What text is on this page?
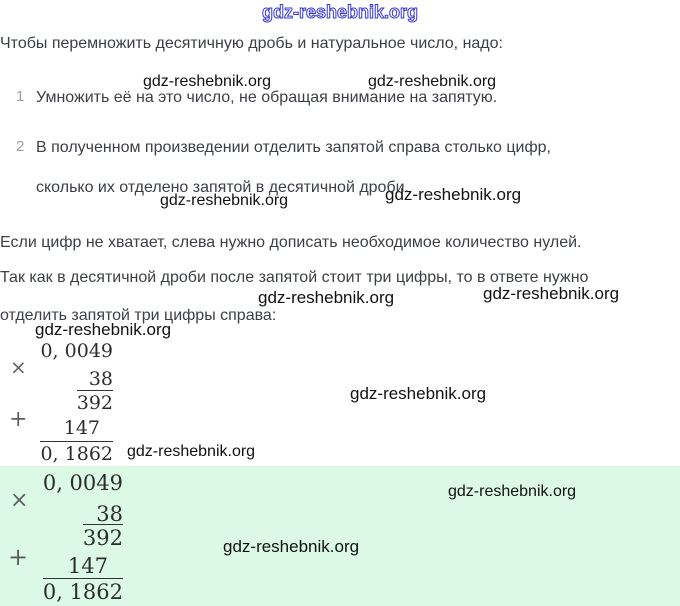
gdz-reshebnik.org
gdz-reshebnik.org	gdz-reshebnik.org
gdz-reshebnik.org	gdz-reshebnik.org
gdz-reshebnik.org	gdz-reshebnik.org
gdz-reshebnik.org
gdz-reshebnik.org
gdz-reshebnik.org
gdz-reshebnik.org
gdz-reshebnik.org
Чтобы перемножить десятичную дробь и натуральное число, надо:
1 Умножить её на это число, не обращая внимание на запятую.
2 В полученном произведении отделить запятой справа столько цифр,
сколько их отделено запятой в десятичной дроби.
Если цифр не хватает, слева нужно дописать необходимое количество нулей.
Так как в десятичной дроби после запятой стоит три цифры, то в ответе нужно
отделить запятой три цифры справа:
×
0, 0049
38
392
+ 147
0, 1862
×
0, 0049
38
392
+ 147
0, 1862
